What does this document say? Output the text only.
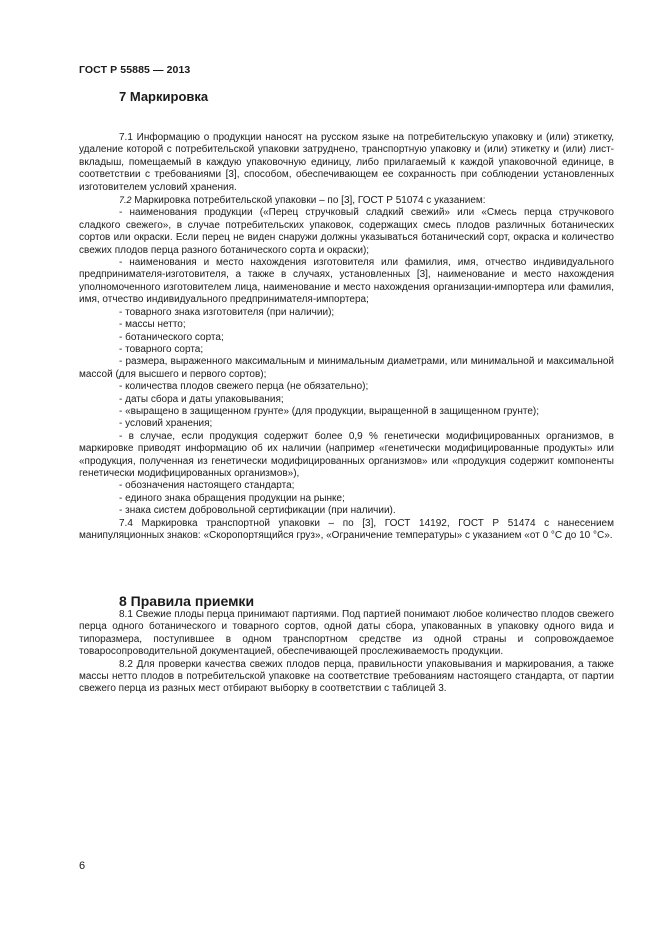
ГОСТ Р 55885 — 2013
7 Маркировка

7.1 Информацию о продукции наносят на русском языке на потребительскую упаковку и (или) этикетку, удаление которой с потребительской упаковки затруднено, транспортную упаковку и (или) этикетку и (или) лист-вкладыш, помещаемый в каждую упаковочную единицу, либо прилагаемый к каждой упаковочной единице, в соответствии с требованиями [3], способом, обеспечивающем ее сохранность при соблюдении установленных изготовителем условий хранения.

7.2 Маркировка потребительской упаковки – по [3], ГОСТ Р 51074 с указанием:

- наименования продукции («Перец стручковый сладкий свежий» или «Смесь перца стручкового сладкого свежего», в случае потребительских упаковок, содержащих смесь плодов различных ботанических сортов или окраски. Если перец не виден снаружи должны указываться ботанический сорт, окраска и количество свежих плодов перца разного ботанического сорта и окраски);

- наименования и место нахождения изготовителя или фамилия, имя, отчество индивидуального предпринимателя-изготовителя, а также в случаях, установленных [3], наименование и место нахождения уполномоченного изготовителем лица, наименование и место нахождения организации-импортера или фамилия, имя, отчество индивидуального предпринимателя-импортера;

- товарного знака изготовителя (при наличии);

- массы нетто;

- ботанического сорта;

- товарного сорта;

- размера, выраженного максимальным и минимальным диаметрами, или минимальной и максимальной массой (для высшего и первого сортов);

- количества плодов свежего перца (не обязательно);

- даты сбора и даты упаковывания;

- «выращено в защищенном грунте» (для продукции, выращенной в защищенном грунте);

- условий хранения;

- в случае, если продукция содержит более 0,9 % генетически модифицированных организмов, в маркировке приводят информацию об их наличии (например «генетически модифицированные продукты» или «продукция, полученная из генетически модифицированных организмов» или «продукция содержит компоненты генетически модифицированных организмов»),

- обозначения настоящего стандарта;

- единого знака обращения продукции на рынке;

- знака систем добровольной сертификации (при наличии).

7.4 Маркировка транспортной упаковки – по [3], ГОСТ 14192, ГОСТ Р 51474 с нанесением манипуляционных знаков: «Скоропортящийся груз», «Ограничение температуры» с указанием «от 0 °С до 10 °С».

8 Правила приемки

8.1 Свежие плоды перца принимают партиями. Под партией понимают любое количество плодов свежего перца одного ботанического и товарного сортов, одной даты сбора, упакованных в упаковку одного вида и типоразмера, поступившее в одном транспортном средстве из одной страны и сопровождаемое товаросопроводительной документацией, обеспечивающей прослеживаемость продукции.

8.2 Для проверки качества свежих плодов перца, правильности упаковывания и маркирования, а также массы нетто плодов в потребительской упаковке на соответствие требованиям настоящего стандарта, от партии свежего перца из разных мест отбирают выборку в соответствии с таблицей 3.

6
